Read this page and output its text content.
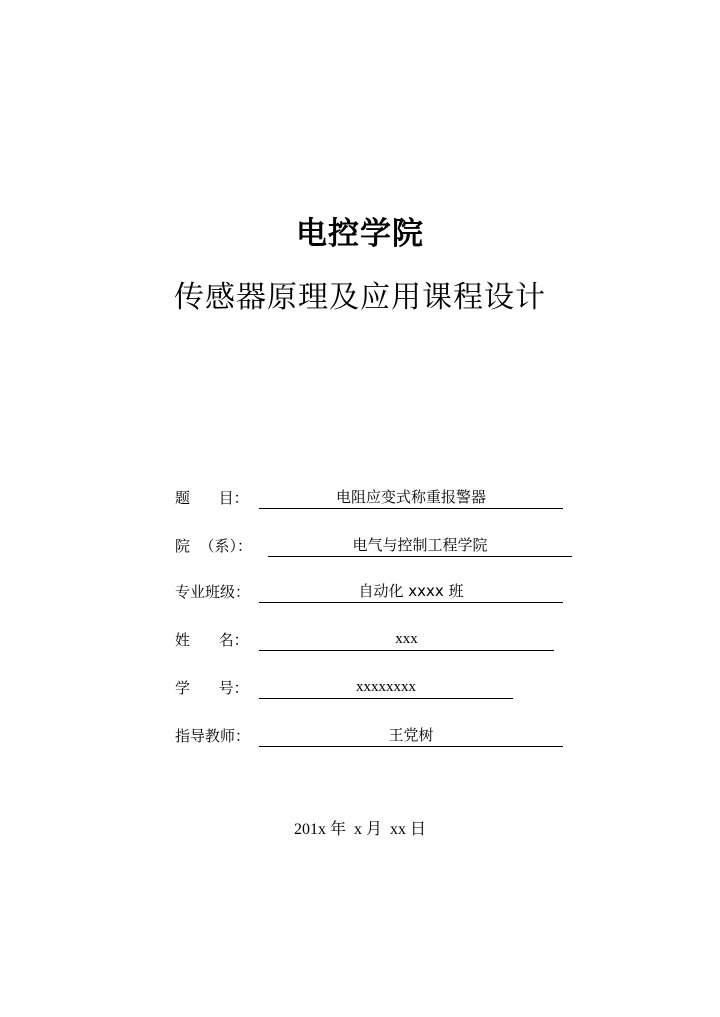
电控学院
传感器原理及应用课程设计
题      目：	电阻应变式称重报警器
院  （系）：	电气与控制工程学院
专业班级：	自动化 xxxx 班
姓      名：	xxx
学      号：	xxxxxxxx
指导教师：	王党树
201x 年  x 月  xx 日
